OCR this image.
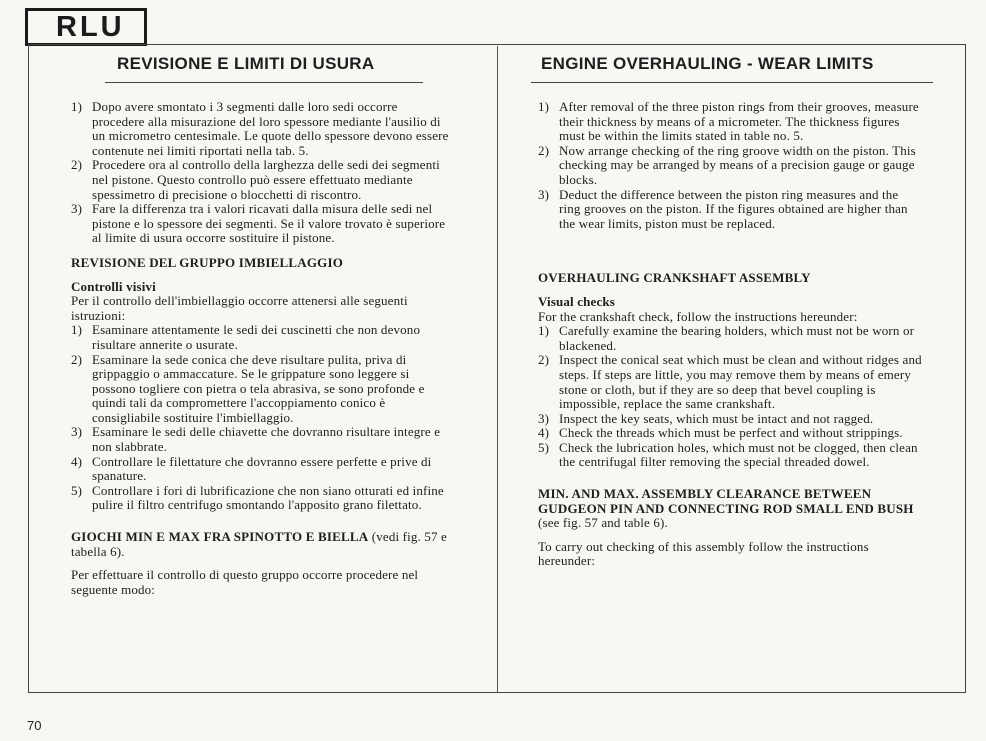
RLU
REVISIONE E LIMITI DI USURA	ENGINE OVERHAULING - WEAR LIMITS
1) Dopo avere smontato i 3 segmenti dalle loro sedi occorre procedere alla misurazione del loro spessore mediante l'ausilio di un micrometro centesimale. Le quote dello spessore devono essere contenute nei limiti riportati nella tab. 5.

2) Procedere ora al controllo della larghezza delle sedi dei segmenti nel pistone. Questo controllo può essere effettuato mediante spessimetro di precisione o blocchetti di riscontro.

3) Fare la differenza tra i valori ricavati dalla misura delle sedi nel pistone e lo spessore dei segmenti. Se il valore trovato è superiore al limite di usura occorre sostituire il pistone.

REVISIONE DEL GRUPPO IMBIELLAGGIO

Controlli visivi

Per il controllo dell'imbiellaggio occorre attenersi alle seguenti istruzioni:

1) Esaminare attentamente le sedi dei cuscinetti che non devono risultare annerite o usurate.

2) Esaminare la sede conica che deve risultare pulita, priva di grippaggio o ammaccature. Se le grippature sono leggere si possono togliere con pietra o tela abrasiva, se sono profonde e quindi tali da compromettere l'accoppiamento conico è consigliabile sostituire l'imbiellaggio.

3) Esaminare le sedi delle chiavette che dovranno risultare integre e non slabbrate.

4) Controllare le filettature che dovranno essere perfette e prive di spanature.

5) Controllare i fori di lubrificazione che non siano otturati ed infine pulire il filtro centrifugo smontando l'apposito grano filettato.

GIOCHI MIN E MAX FRA SPINOTTO E BIELLA (vedi fig. 57 e tabella 6).

Per effettuare il controllo di questo gruppo occorre procedere nel seguente modo:

1) After removal of the three piston rings from their grooves, measure their thickness by means of a micrometer. The thickness figures must be within the limits stated in table no. 5.

2) Now arrange checking of the ring groove width on the piston. This checking may be arranged by means of a precision gauge or gauge blocks.

3) Deduct the difference between the piston ring measures and the ring grooves on the piston. If the figures obtained are higher than the wear limits, piston must be replaced.

OVERHAULING CRANKSHAFT ASSEMBLY

Visual checks

For the crankshaft check, follow the instructions hereunder:

1) Carefully examine the bearing holders, which must not be worn or blackened.

2) Inspect the conical seat which must be clean and without ridges and steps. If steps are little, you may remove them by means of emery stone or cloth, but if they are so deep that bevel coupling is impossible, replace the same crankshaft.

3) Inspect the key seats, which must be intact and not ragged.

4) Check the threads which must be perfect and without strippings.

5) Check the lubrication holes, which must not be clogged, then clean the centrifugal filter removing the special threaded dowel.

MIN. AND MAX. ASSEMBLY CLEARANCE BETWEEN GUDGEON PIN AND CONNECTING ROD SMALL END BUSH (see fig. 57 and table 6).

To carry out checking of this assembly follow the instructions hereunder:

70
